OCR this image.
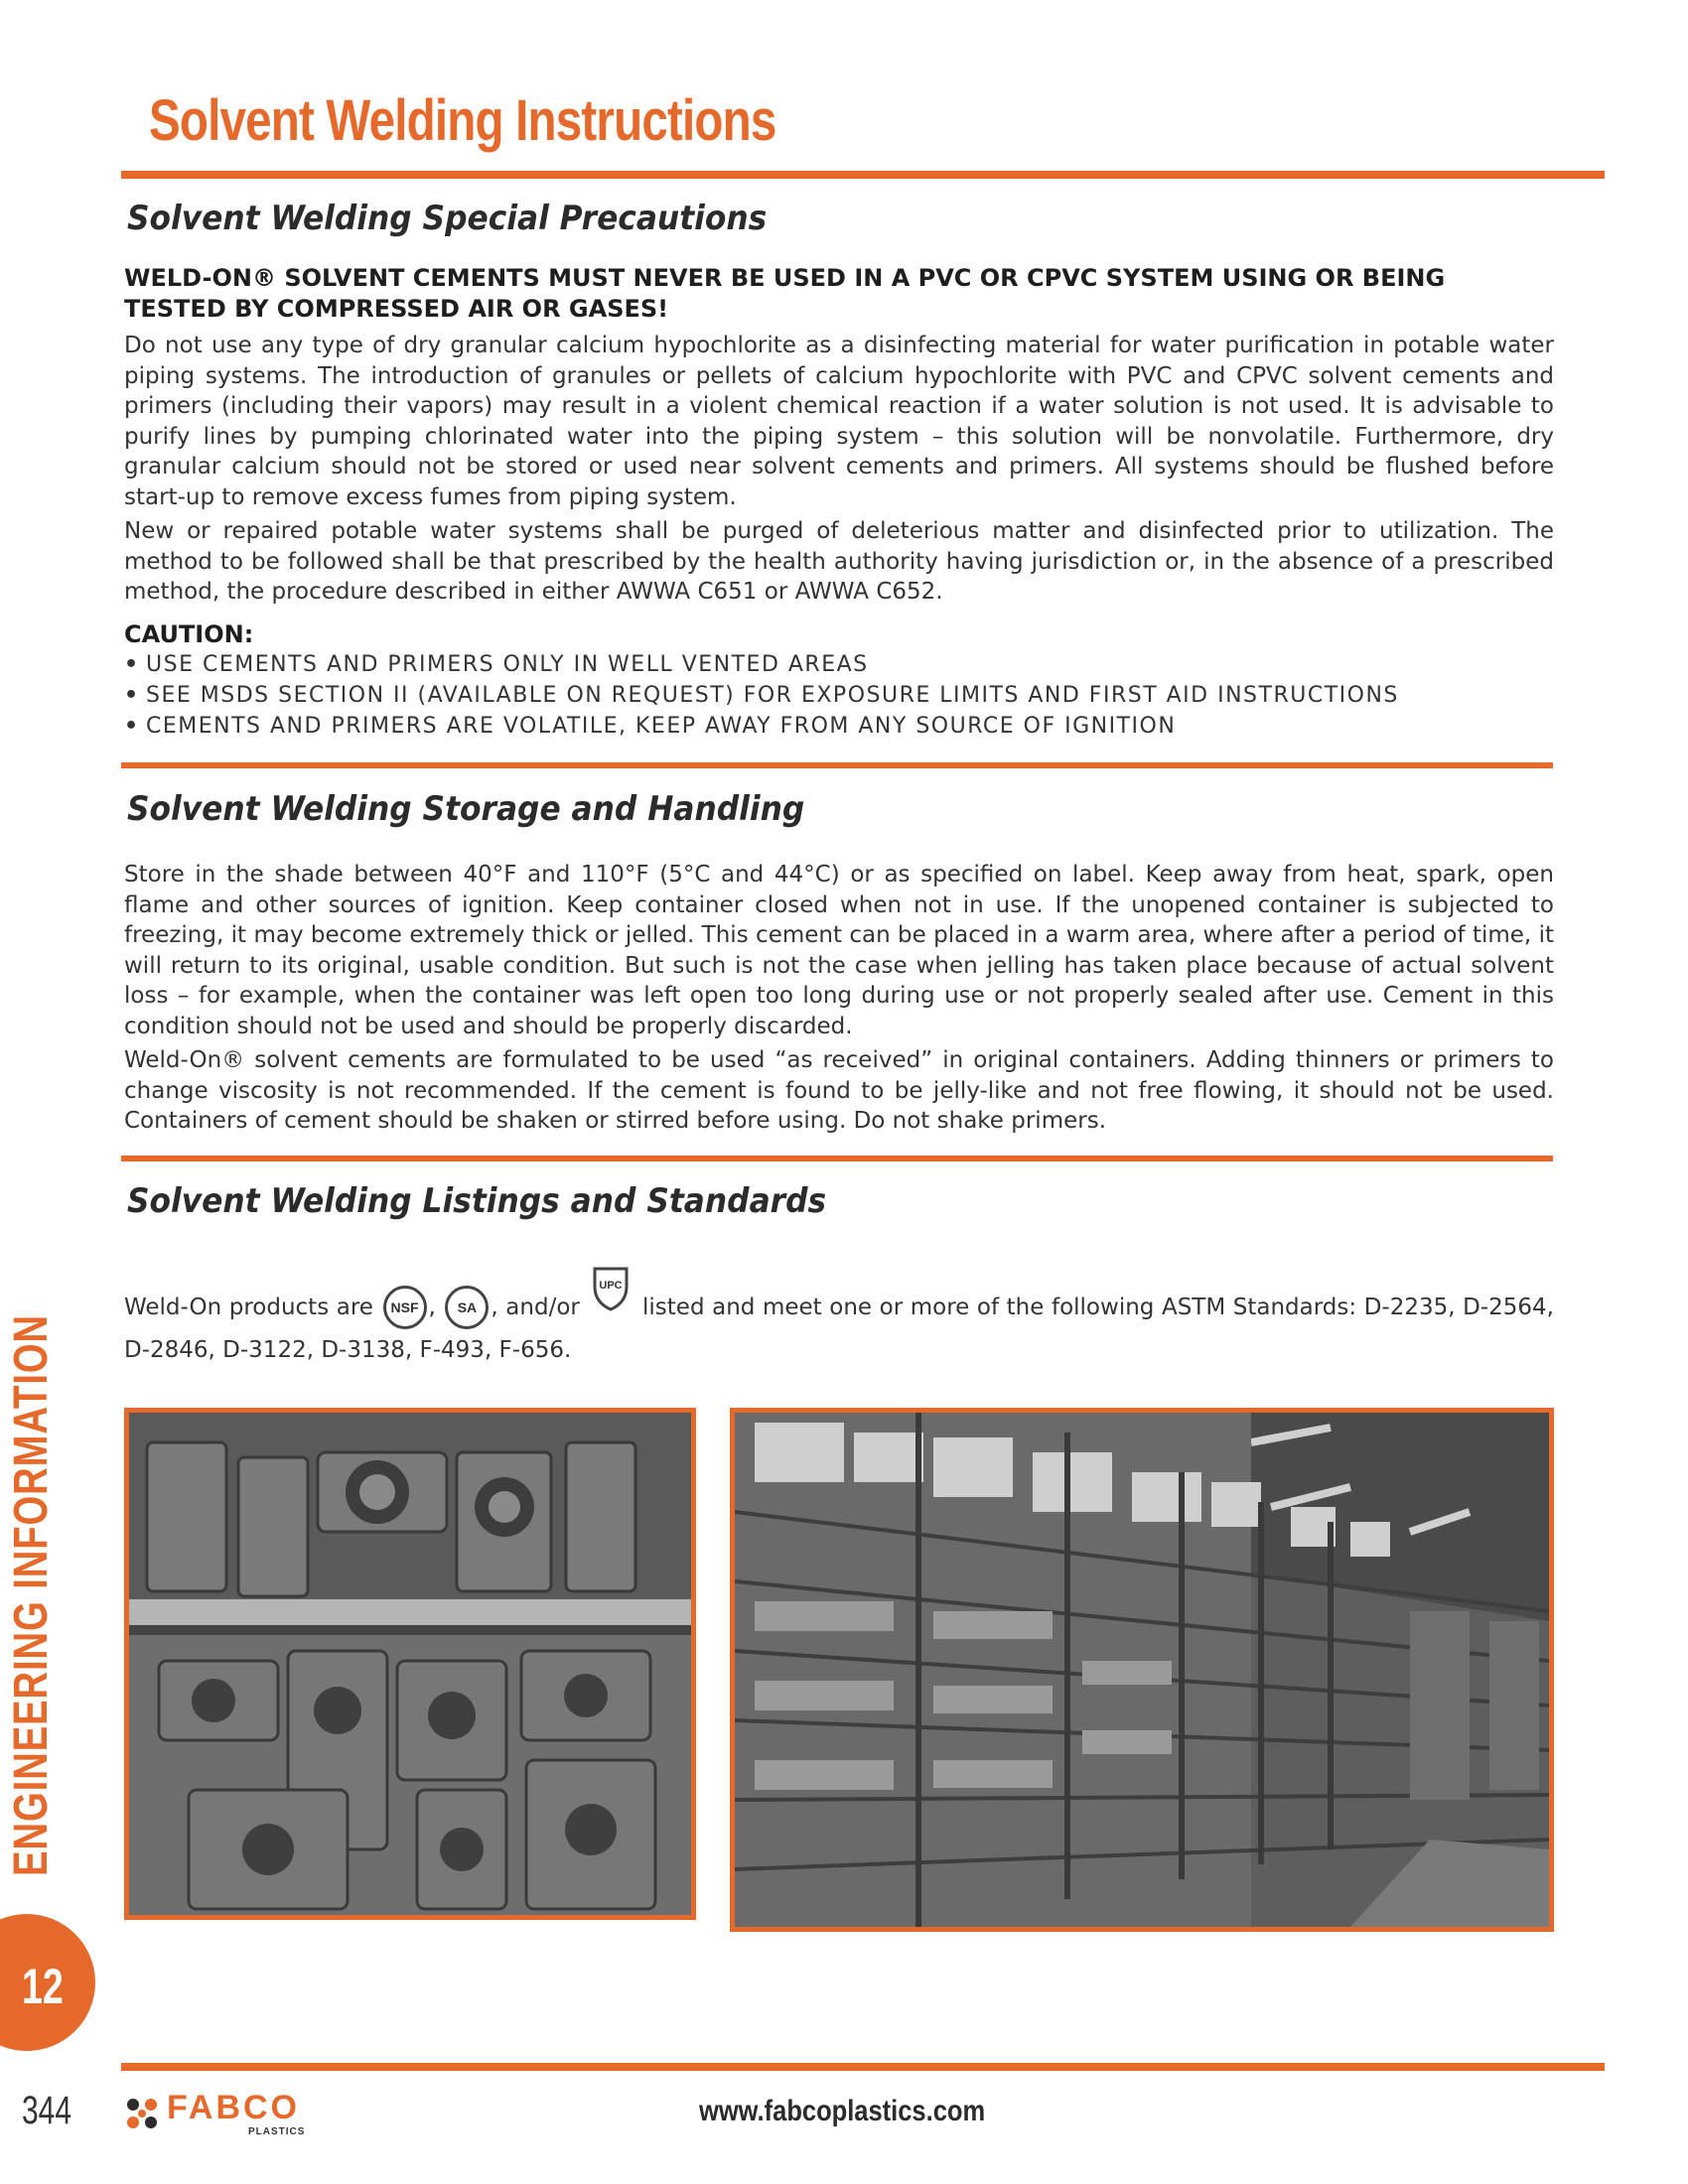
Solvent Welding Instructions
Solvent Welding Special Precautions

WELD-ON® SOLVENT CEMENTS MUST NEVER BE USED IN A PVC OR CPVC SYSTEM USING OR BEING TESTED BY COMPRESSED AIR OR GASES!

Do not use any type of dry granular calcium hypochlorite as a disinfecting material for water purification in potable water piping systems. The introduction of granules or pellets of calcium hypochlorite with PVC and CPVC solvent cements and primers (including their vapors) may result in a violent chemical reaction if a water solution is not used. It is advisable to purify lines by pumping chlorinated water into the piping system – this solution will be nonvolatile. Furthermore, dry granular calcium should not be stored or used near solvent cements and primers. All systems should be flushed before start-up to remove excess fumes from piping system.

New or repaired potable water systems shall be purged of deleterious matter and disinfected prior to utilization. The method to be followed shall be that prescribed by the health authority having jurisdiction or, in the absence of a prescribed method, the procedure described in either AWWA C651 or AWWA C652.

CAUTION:

• USE CEMENTS AND PRIMERS ONLY IN WELL VENTED AREAS
• SEE MSDS SECTION II (AVAILABLE ON REQUEST) FOR EXPOSURE LIMITS AND FIRST AID INSTRUCTIONS
• CEMENTS AND PRIMERS ARE VOLATILE, KEEP AWAY FROM ANY SOURCE OF IGNITION
Solvent Welding Storage and Handling

Store in the shade between 40°F and 110°F (5°C and 44°C) or as specified on label. Keep away from heat, spark, open flame and other sources of ignition. Keep container closed when not in use. If the unopened container is subjected to freezing, it may become extremely thick or jelled. This cement can be placed in a warm area, where after a period of time, it will return to its original, usable condition. But such is not the case when jelling has taken place because of actual solvent loss – for example, when the container was left open too long during use or not properly sealed after use. Cement in this condition should not be used and should be properly discarded.

Weld-On® solvent cements are formulated to be used “as received” in original containers. Adding thinners or primers to change viscosity is not recommended. If the cement is found to be jelly-like and not free flowing, it should not be used. Containers of cement should be shaken or stirred before using. Do not shake primers.

Solvent Welding Listings and Standards

Weld-On products are NSF , SA , and/or
UPC
listed and meet one or more of the following ASTM Standards: D-2235, D-2564, D-2846, D-3122, D-3138, F-493, F-656.

ENGINEERING INFORMATION
12
344	FABCO
PLASTICS
www.fabcoplastics.com
